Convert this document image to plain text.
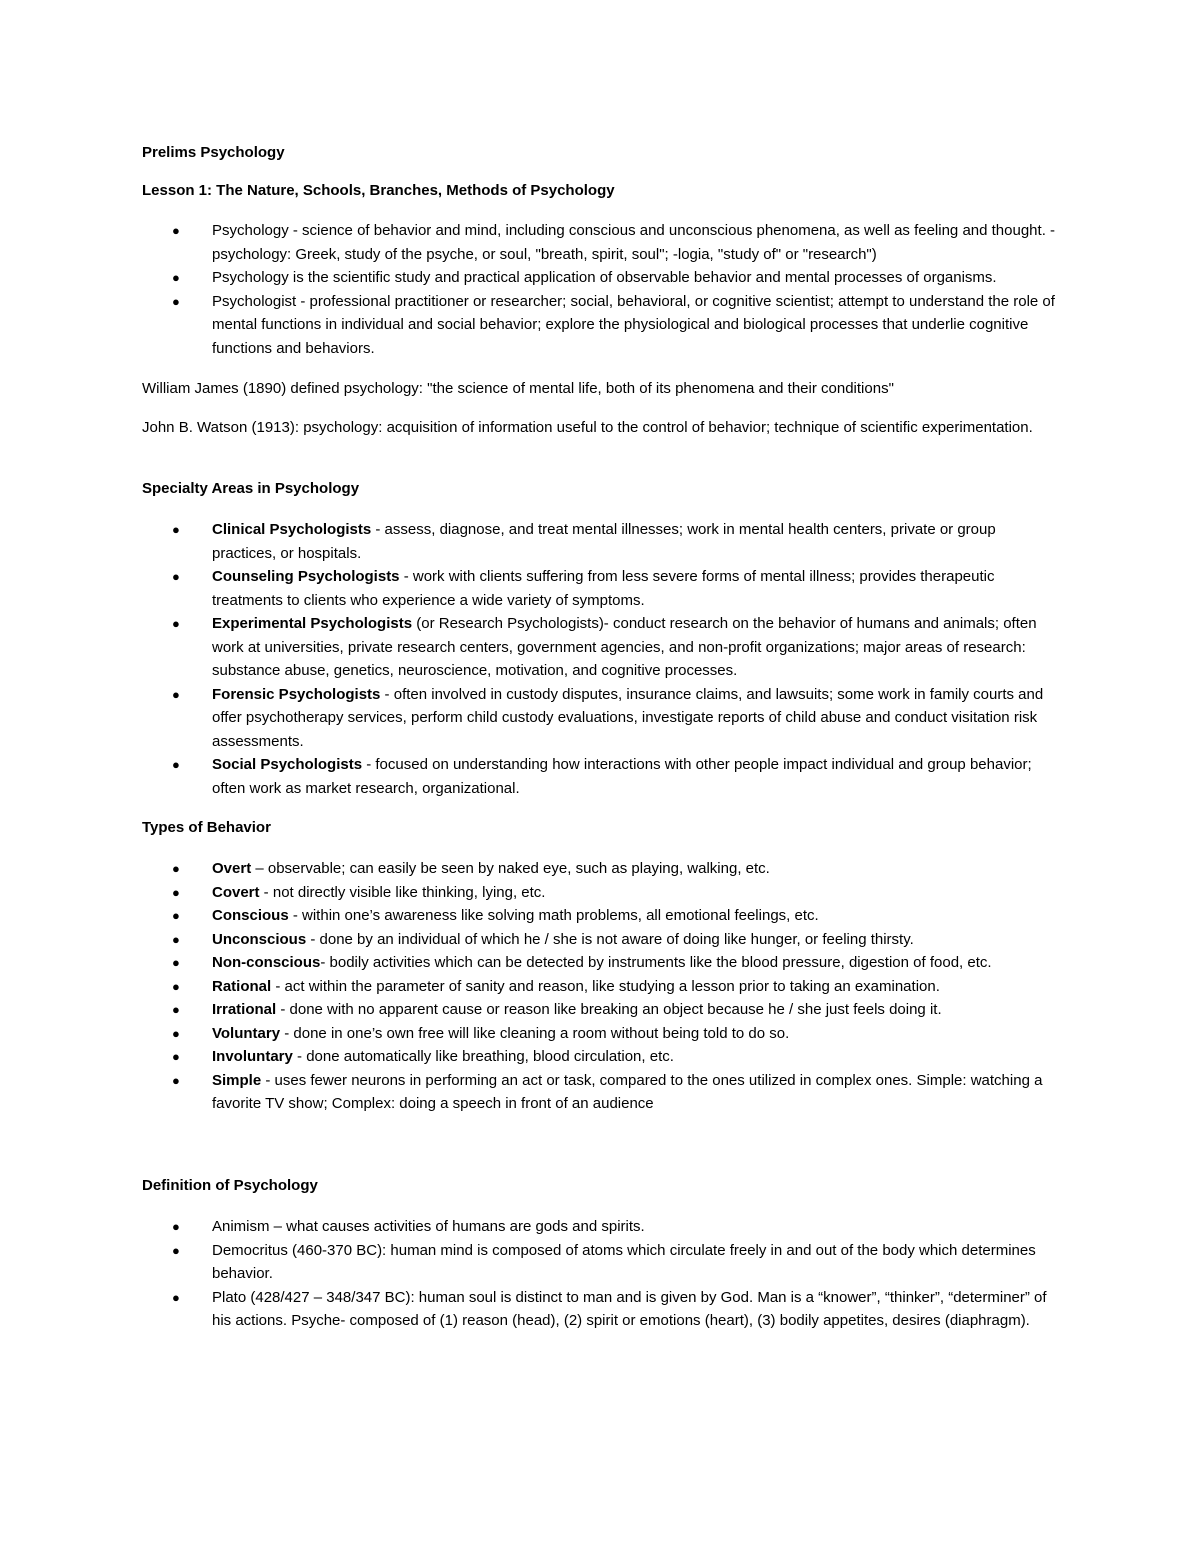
Prelims Psychology

Lesson 1: The Nature, Schools, Branches, Methods of Psychology

● Psychology - science of behavior and mind, including conscious and unconscious phenomena, as well as feeling and thought. -psychology: Greek, study of the psyche, or soul, "breath, spirit, soul"; -logia, "study of" or "research")
● Psychology is the scientific study and practical application of observable behavior and mental processes of organisms.
● Psychologist - professional practitioner or researcher; social, behavioral, or cognitive scientist; attempt to understand the role of mental functions in individual and social behavior; explore the physiological and biological processes that underlie cognitive functions and behaviors.

William James (1890) defined psychology: "the science of mental life, both of its phenomena and their conditions"

John B. Watson (1913): psychology: acquisition of information useful to the control of behavior; technique of scientific experimentation.

Specialty Areas in Psychology

● Clinical Psychologists - assess, diagnose, and treat mental illnesses; work in mental health centers, private or group practices, or hospitals.
● Counseling Psychologists - work with clients suffering from less severe forms of mental illness; provides therapeutic treatments to clients who experience a wide variety of symptoms.
● Experimental Psychologists (or Research Psychologists)- conduct research on the behavior of humans and animals; often work at universities, private research centers, government agencies, and non-profit organizations; major areas of research: substance abuse, genetics, neuroscience, motivation, and cognitive processes.
● Forensic Psychologists - often involved in custody disputes, insurance claims, and lawsuits; some work in family courts and offer psychotherapy services, perform child custody evaluations, investigate reports of child abuse and conduct visitation risk assessments.
● Social Psychologists - focused on understanding how interactions with other people impact individual and group behavior; often work as market research, organizational.

Types of Behavior

● Overt – observable; can easily be seen by naked eye, such as playing, walking, etc.
● Covert - not directly visible like thinking, lying, etc.
● Conscious - within one’s awareness like solving math problems, all emotional feelings, etc.
● Unconscious - done by an individual of which he / she is not aware of doing like hunger, or feeling thirsty.
● Non-conscious- bodily activities which can be detected by instruments like the blood pressure, digestion of food, etc.
● Rational - act within the parameter of sanity and reason, like studying a lesson prior to taking an examination.
● Irrational - done with no apparent cause or reason like breaking an object because he / she just feels doing it.
● Voluntary - done in one’s own free will like cleaning a room without being told to do so.
● Involuntary - done automatically like breathing, blood circulation, etc.
● Simple - uses fewer neurons in performing an act or task, compared to the ones utilized in complex ones. Simple: watching a favorite TV show; Complex: doing a speech in front of an audience

Definition of Psychology

● Animism – what causes activities of humans are gods and spirits.
● Democritus (460-370 BC): human mind is composed of atoms which circulate freely in and out of the body which determines behavior.
● Plato (428/427 – 348/347 BC): human soul is distinct to man and is given by God. Man is a “knower”, “thinker”, “determiner” of his actions. Psyche- composed of (1) reason (head), (2) spirit or emotions (heart), (3) bodily appetites, desires (diaphragm).
